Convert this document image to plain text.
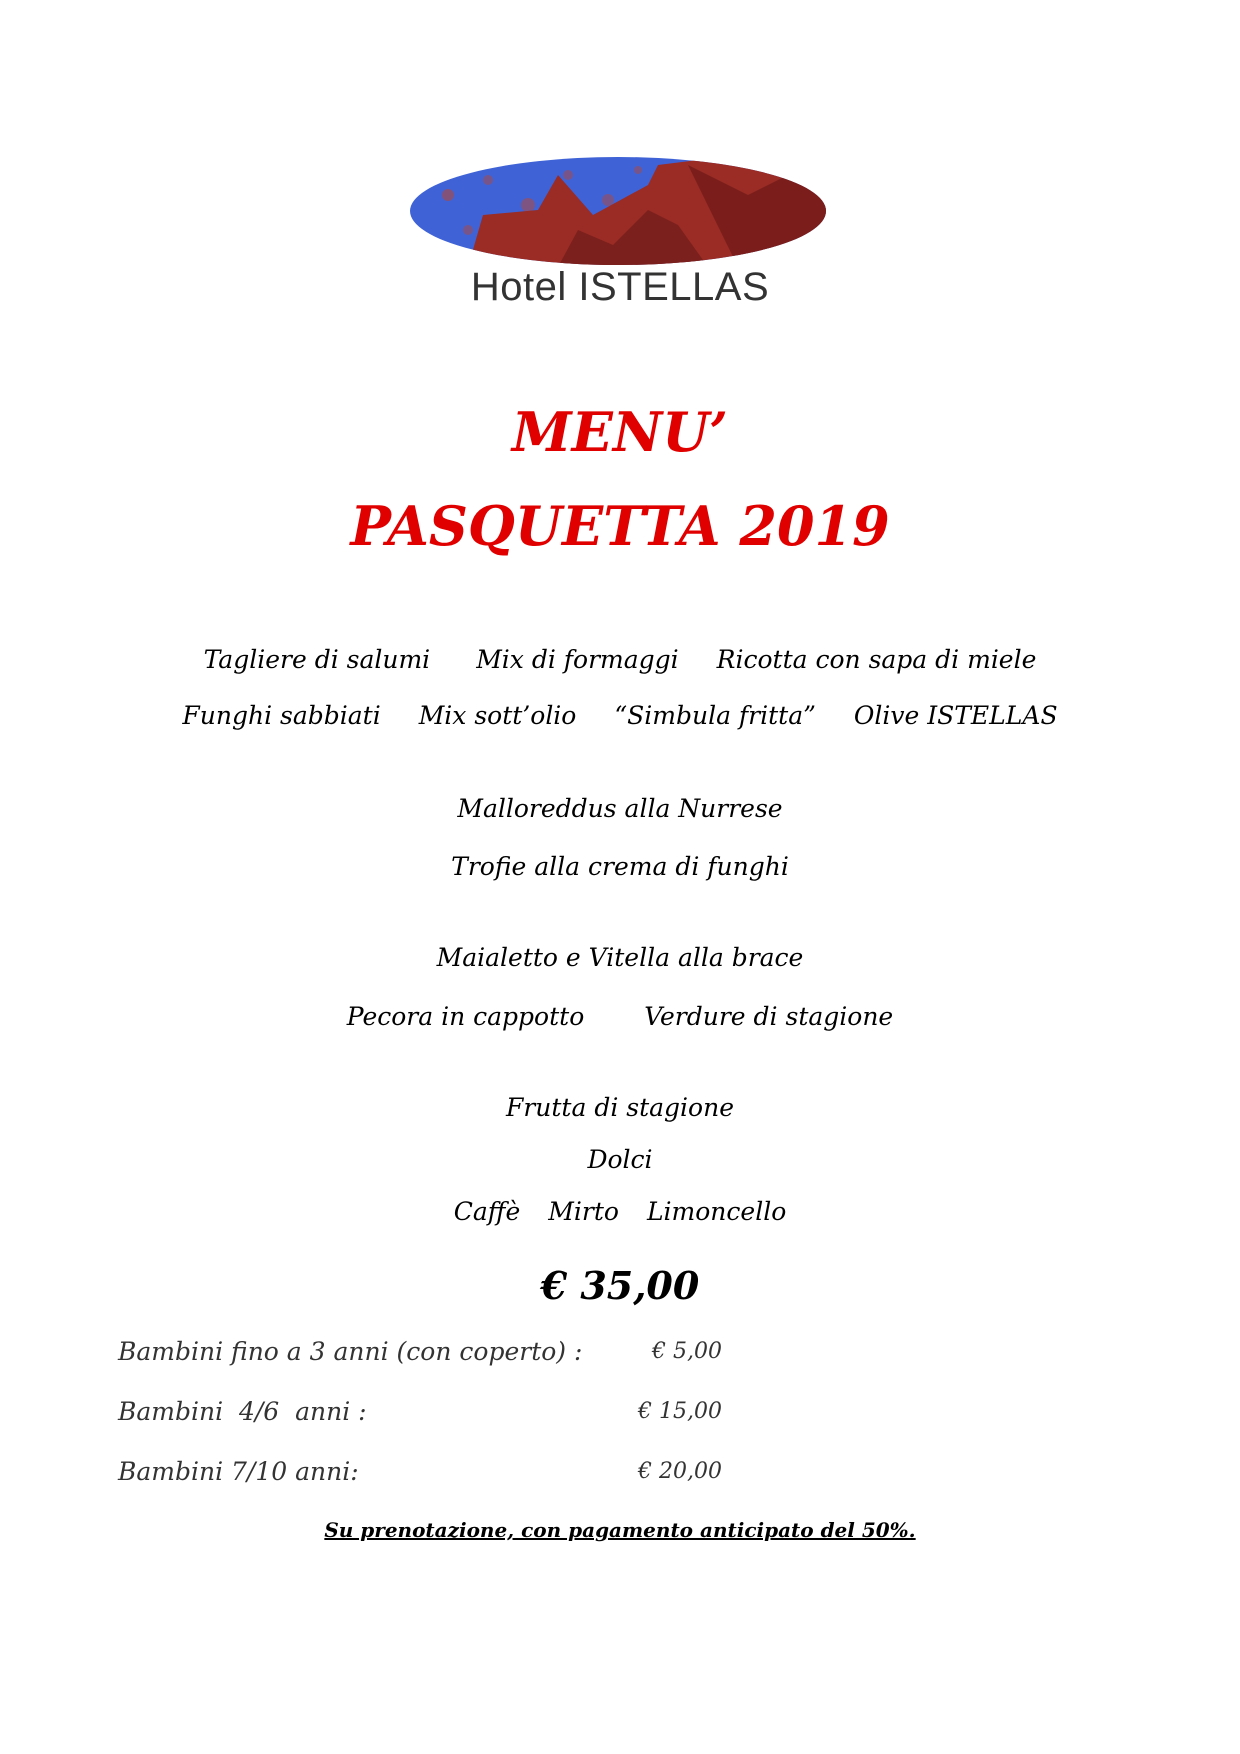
Hotel ISTELLAS
MENU’
PASQUETTA 2019
Tagliere di salumi Mix di formaggi Ricotta con sapa di miele
Funghi sabbiati Mix sott’olio “Simbula fritta” Olive ISTELLAS
Malloreddus alla Nurrese
Trofie alla crema di funghi
Maialetto e Vitella alla brace
Pecora in cappotto Verdure di stagione
Frutta di stagione
Dolci
Caffè Mirto Limoncello
€ 35,00
Bambini fino a 3 anni (con coperto) :	€ 5,00
Bambini  4/6  anni :	€ 15,00
Bambini 7/10 anni:	€ 20,00
Su prenotazione, con pagamento anticipato del 50%.
